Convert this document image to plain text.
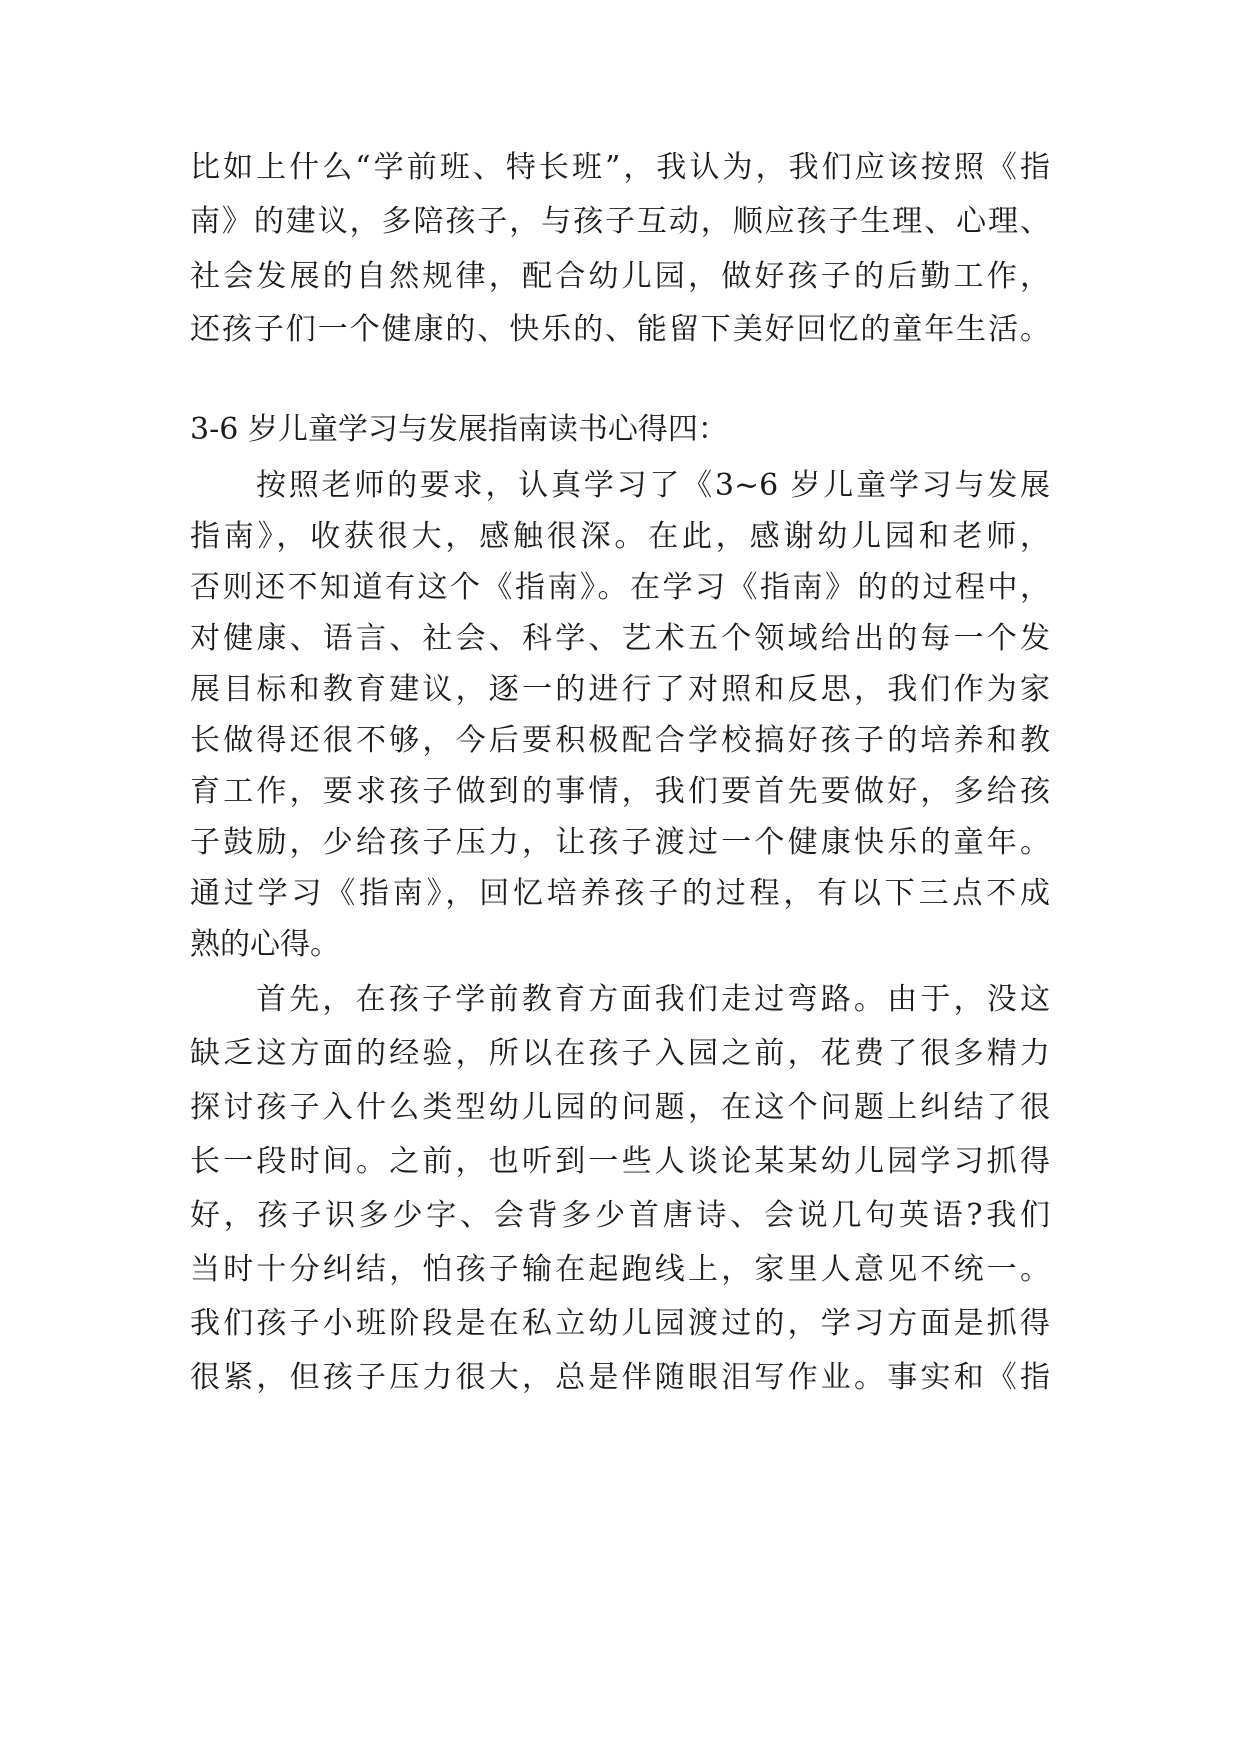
比如上什么“学前班、特长班”，我认为，我们应该按照《指
南》的建议，多陪孩子，与孩子互动，顺应孩子生理、心理、
社会发展的自然规律，配合幼儿园，做好孩子的后勤工作，
还孩子们一个健康的、快乐的、能留下美好回忆的童年生活。
3-6 岁儿童学习与发展指南读书心得四：
按照老师的要求，认真学习了《3~6 岁儿童学习与发展
指南》，收获很大，感触很深。在此，感谢幼儿园和老师，
否则还不知道有这个《指南》。在学习《指南》的的过程中，
对健康、语言、社会、科学、艺术五个领域给出的每一个发
展目标和教育建议，逐一的进行了对照和反思，我们作为家
长做得还很不够，今后要积极配合学校搞好孩子的培养和教
育工作，要求孩子做到的事情，我们要首先要做好，多给孩
子鼓励，少给孩子压力，让孩子渡过一个健康快乐的童年。
通过学习《指南》，回忆培养孩子的过程，有以下三点不成
熟的心得。
首先，在孩子学前教育方面我们走过弯路。由于，没这
缺乏这方面的经验，所以在孩子入园之前，花费了很多精力
探讨孩子入什么类型幼儿园的问题，在这个问题上纠结了很
长一段时间。之前，也听到一些人谈论某某幼儿园学习抓得
好，孩子识多少字、会背多少首唐诗、会说几句英语?我们
当时十分纠结，怕孩子输在起跑线上，家里人意见不统一。
我们孩子小班阶段是在私立幼儿园渡过的，学习方面是抓得
很紧，但孩子压力很大，总是伴随眼泪写作业。事实和《指
